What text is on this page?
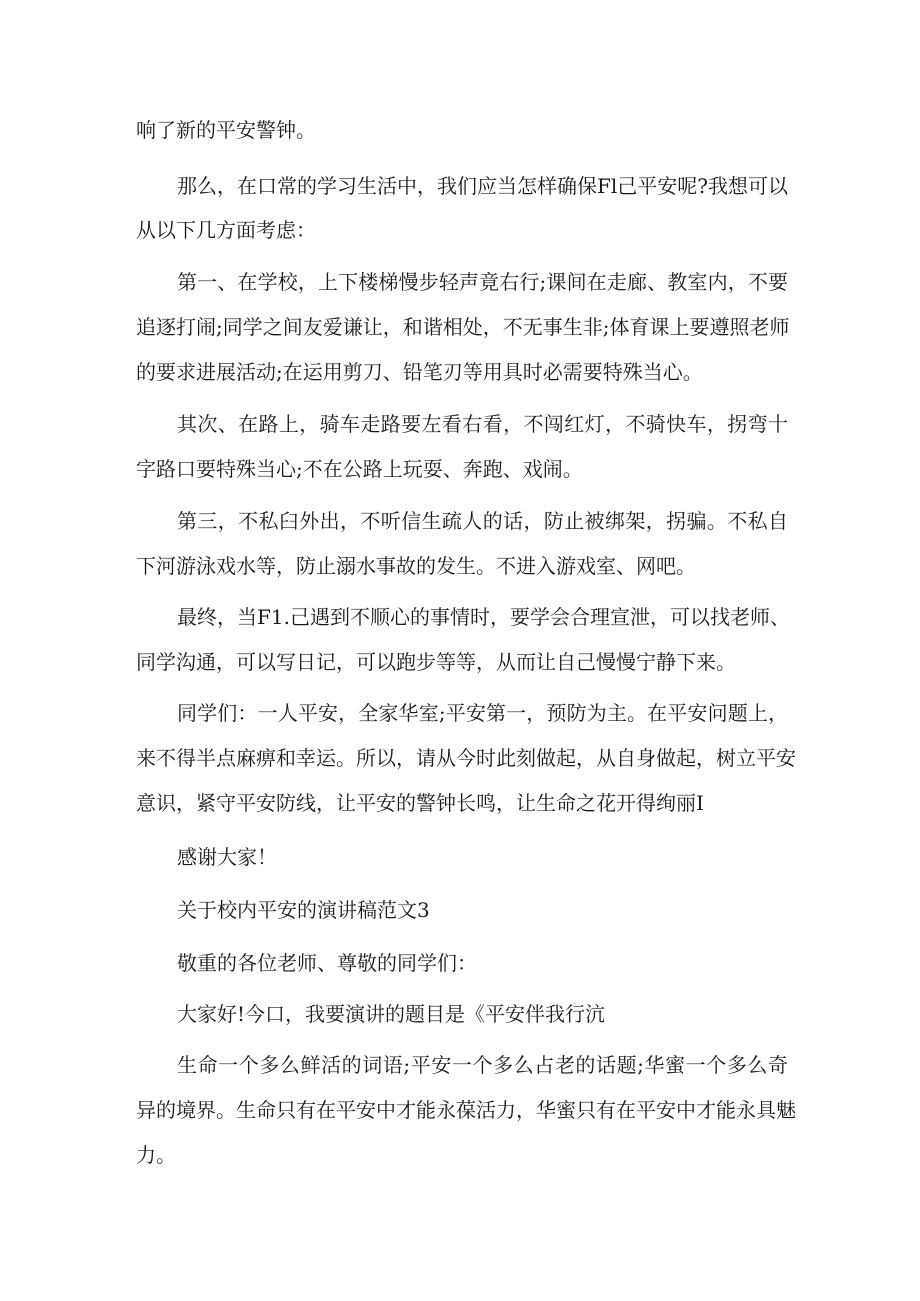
响了新的平安警钟。
那么，在口常的学习生活中，我们应当怎样确保Fl己平安呢?我想可以
从以下几方面考虑：
第一、在学校，上下楼梯慢步轻声竟右行;课间在走廊、教室内，不要
追逐打闹;同学之间友爱谦让，和谐相处，不无事生非;体育课上要遵照老师
的要求进展活动;在运用剪刀、铅笔刃等用具时必需要特殊当心。
其次、在路上，骑车走路要左看右看，不闯红灯，不骑快车，拐弯十
字路口要特殊当心;不在公路上玩耍、奔跑、戏闹。
第三，不私臼外出，不听信生疏人的话，防止被绑架，拐骗。不私自
下河游泳戏水等，防止溺水事故的发生。不进入游戏室、网吧。
最终，当F1.己遇到不顺心的事情时，要学会合理宣泄，可以找老师、
同学沟通，可以写日记，可以跑步等等，从而让自己慢慢宁静下来。
同学们：一人平安，全家华室;平安第一，预防为主。在平安问题上，
来不得半点麻痹和幸运。所以，请从今时此刻做起，从自身做起，树立平安
意识，紧守平安防线，让平安的警钟长鸣，让生命之花开得绚丽I
感谢大家！
关于校内平安的演讲稿范文3
敬重的各位老师、尊敬的同学们：
大家好!今口，我要演讲的题目是《平安伴我行沆
生命一个多么鲜活的词语;平安一个多么占老的话题;华蜜一个多么奇
异的境界。生命只有在平安中才能永葆活力，华蜜只有在平安中才能永具魅
力。
